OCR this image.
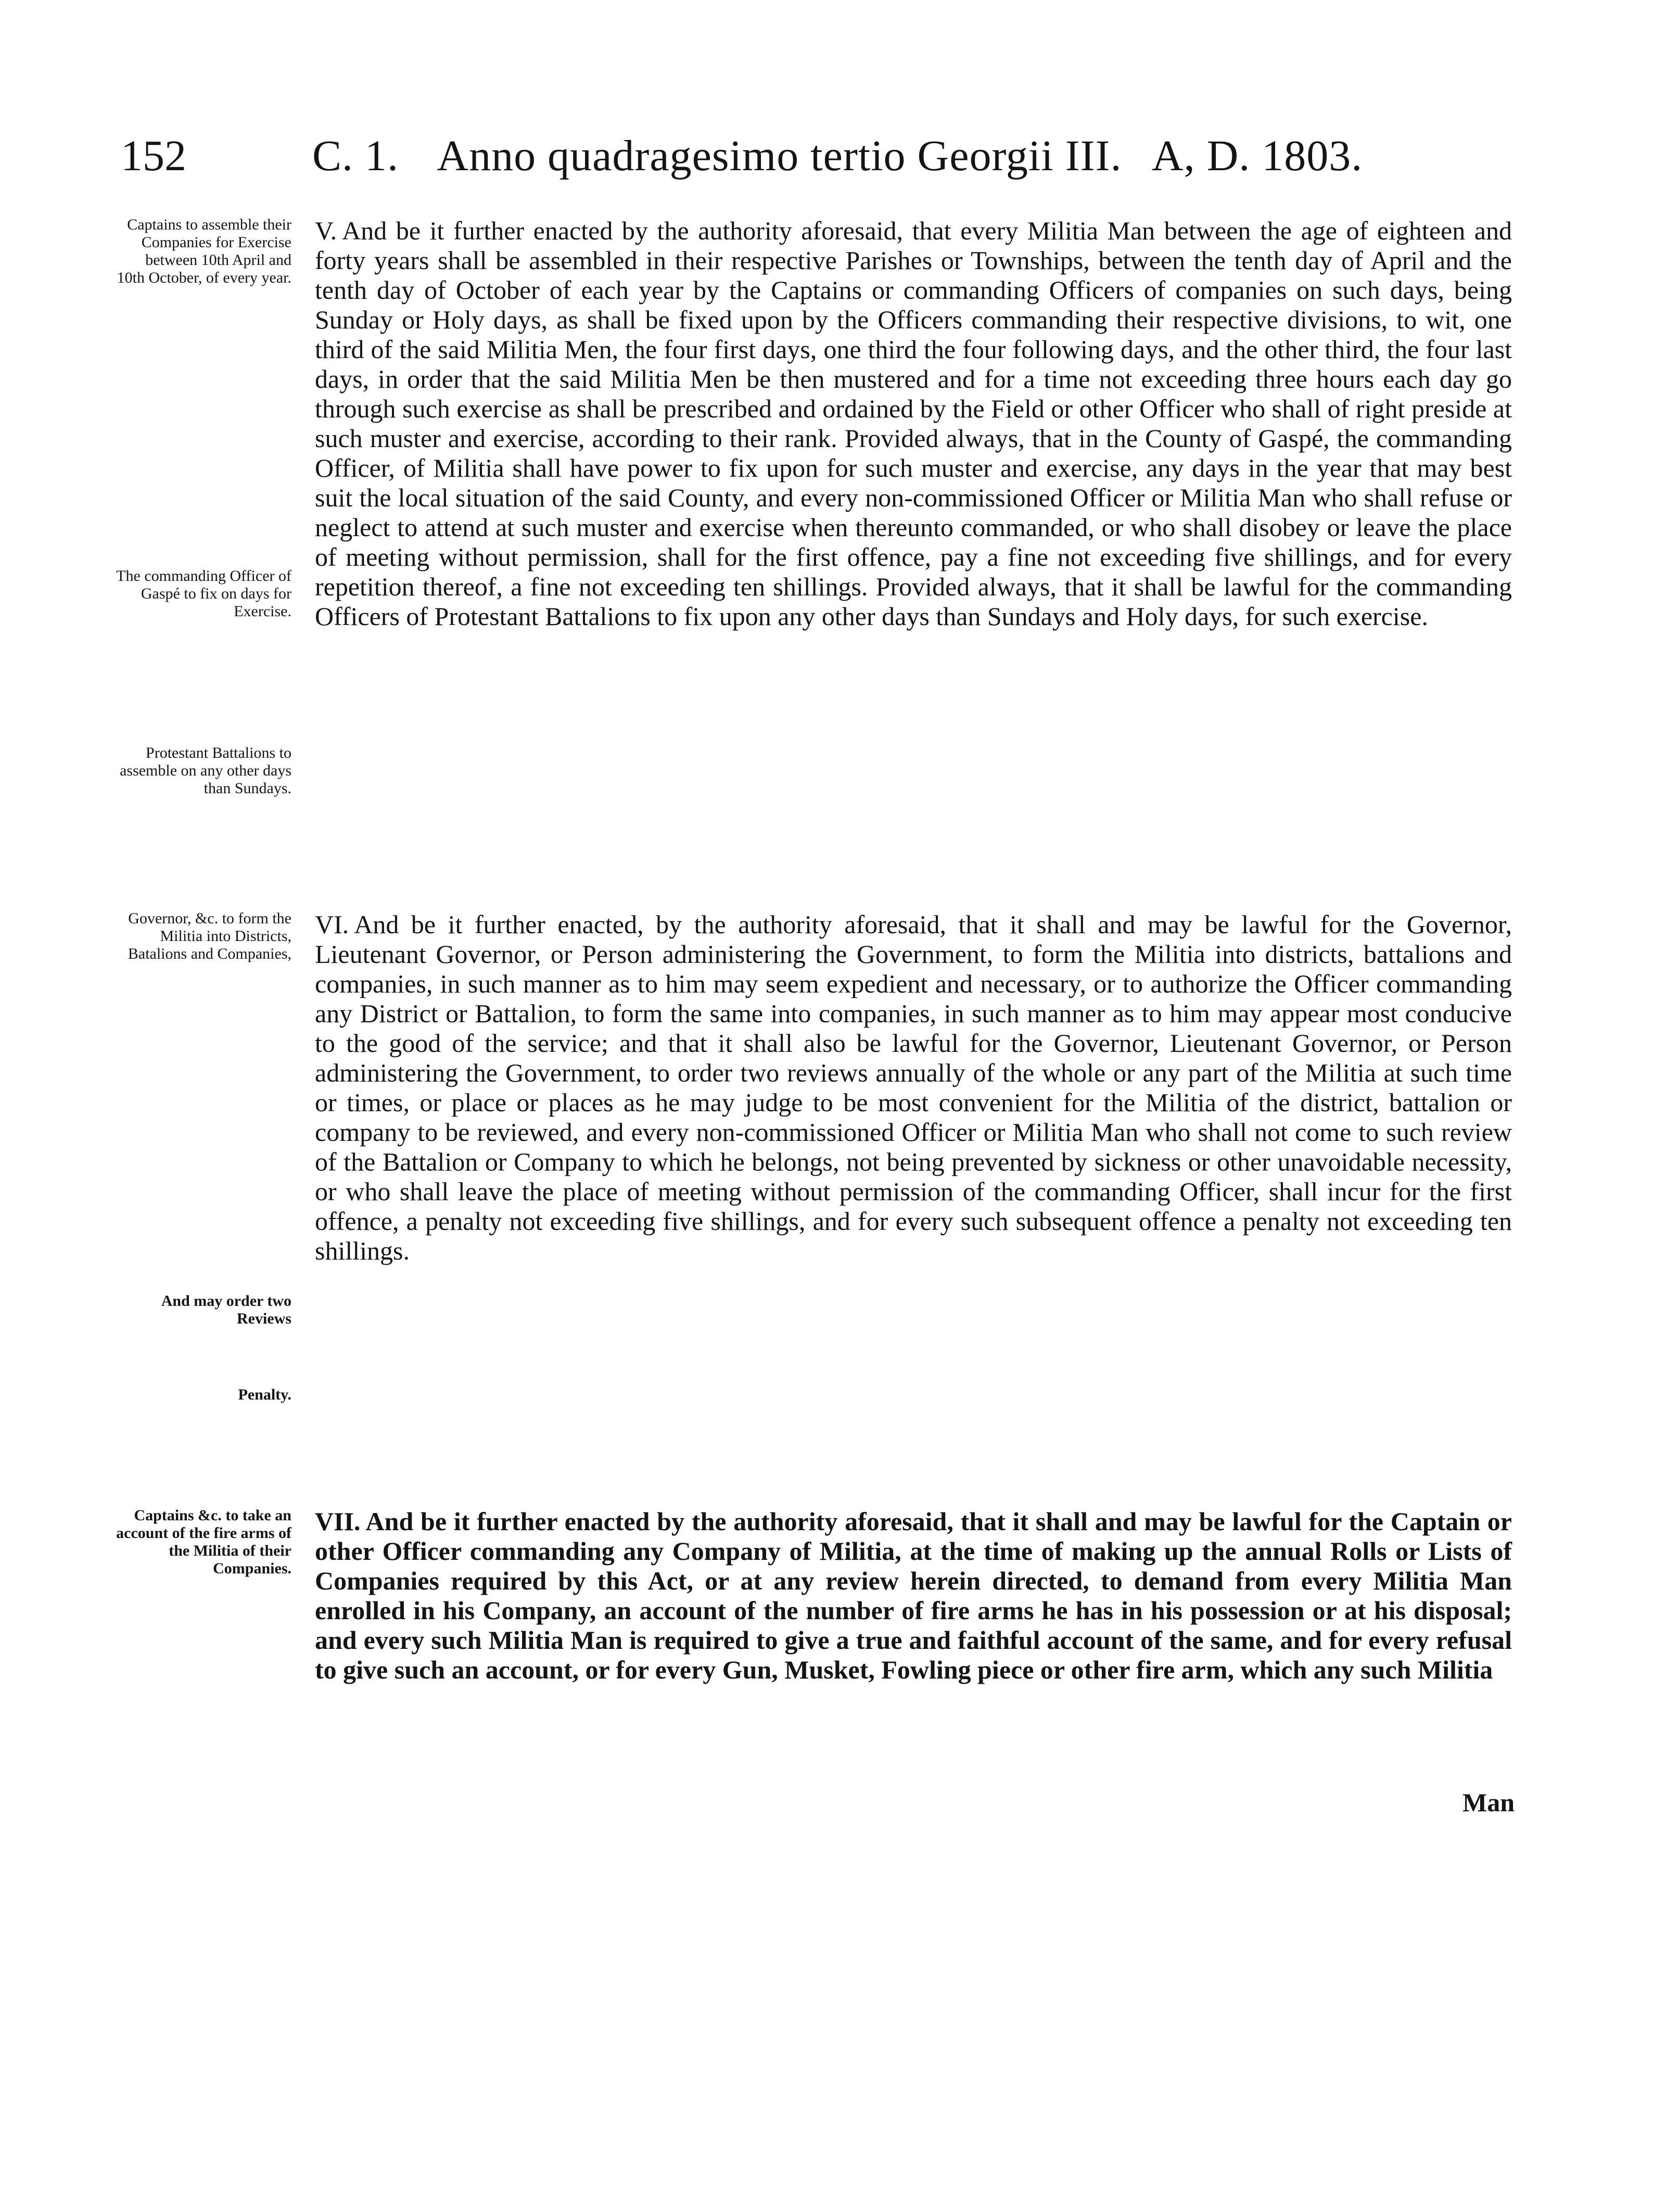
152	C. 1. Anno quadragesimo tertio Georgii III. A, D. 1803.

Captains to assemble their Companies for Exercise between 10th April and 10th October, of every year.

The commanding Officer of Gaspé to fix on days for Exercise.

Protestant Battalions to assemble on any other days than Sundays.

V. And be it further enacted by the authority aforesaid, that every Militia Man between the age of eighteen and forty years shall be assembled in their respective Parishes or Townships, between the tenth day of April and the tenth day of October of each year by the Captains or commanding Officers of companies on such days, being Sunday or Holy days, as shall be fixed upon by the Officers commanding their respective divisions, to wit, one third of the said Militia Men, the four first days, one third the four following days, and the other third, the four last days, in order that the said Militia Men be then mustered and for a time not exceeding three hours each day go through such exercise as shall be prescribed and ordained by the Field or other Officer who shall of right preside at such muster and exercise, according to their rank. Provided always, that in the County of Gaspé, the commanding Officer, of Militia shall have power to fix upon for such muster and exercise, any days in the year that may best suit the local situation of the said County, and every non-commissioned Officer or Militia Man who shall refuse or neglect to attend at such muster and exercise when thereunto commanded, or who shall disobey or leave the place of meeting without permission, shall for the first offence, pay a fine not exceeding five shillings, and for every repetition thereof, a fine not exceeding ten shillings. Provided always, that it shall be lawful for the commanding Officers of Protestant Battalions to fix upon any other days than Sundays and Holy days, for such exercise.

Governor, &c. to form the Militia into Districts, Batalions and Companies,

And may order two Reviews

Penalty.

VI. And be it further enacted, by the authority aforesaid, that it shall and may be lawful for the Governor, Lieutenant Governor, or Person administering the Government, to form the Militia into districts, battalions and companies, in such manner as to him may seem expedient and necessary, or to authorize the Officer commanding any District or Battalion, to form the same into companies, in such manner as to him may appear most conducive to the good of the service; and that it shall also be lawful for the Governor, Lieutenant Governor, or Person administering the Government, to order two reviews annually of the whole or any part of the Militia at such time or times, or place or places as he may judge to be most convenient for the Militia of the district, battalion or company to be reviewed, and every non-commissioned Officer or Militia Man who shall not come to such review of the Battalion or Company to which he belongs, not being prevented by sickness or other unavoidable necessity, or who shall leave the place of meeting without permission of the commanding Officer, shall incur for the first offence, a penalty not exceeding five shillings, and for every such subsequent offence a penalty not exceeding ten shillings.

Captains &c. to take an account of the fire arms of the Militia of their Companies.

VII. And be it further enacted by the authority aforesaid, that it shall and may be lawful for the Captain or other Officer commanding any Company of Militia, at the time of making up the annual Rolls or Lists of Companies required by this Act, or at any review herein directed, to demand from every Militia Man enrolled in his Company, an account of the number of fire arms he has in his possession or at his disposal; and every such Militia Man is required to give a true and faithful account of the same, and for every refusal to give such an account, or for every Gun, Musket, Fowling piece or other fire arm, which any such Militia

Man
